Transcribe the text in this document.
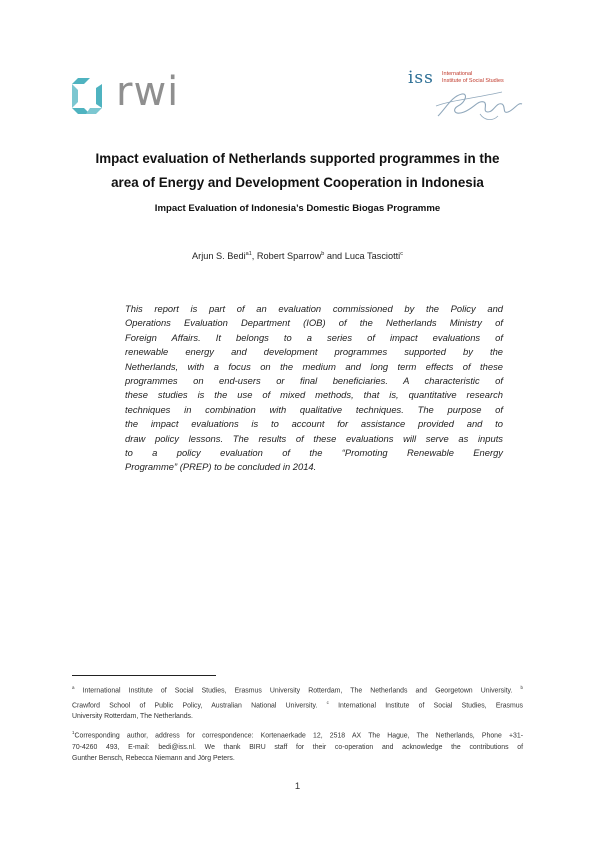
rwi	iss International
Institute of Social Studies
Impact evaluation of Netherlands supported programmes in the
area of Energy and Development Cooperation in Indonesia
Impact Evaluation of Indonesia’s Domestic Biogas Programme
Arjun S. Bedi$^{a1}$, Robert Sparrow$^b$ and Luca Tasciotti$^c$
This report is part of an evaluation commissioned by the Policy and
Operations Evaluation Department (IOB) of the Netherlands Ministry of
Foreign Affairs. It belongs to a series of impact evaluations of
renewable energy and development programmes supported by the
Netherlands, with a focus on the medium and long term effects of these
programmes on end-users or final beneficiaries. A characteristic of
these studies is the use of mixed methods, that is, quantitative research
techniques in combination with qualitative techniques. The purpose of
the impact evaluations is to account for assistance provided and to
draw policy lessons. The results of these evaluations will serve as inputs
to a policy evaluation of the “Promoting Renewable Energy
Programme” (PREP) to be concluded in 2014.
$^a$ International Institute of Social Studies, Erasmus University Rotterdam, The Netherlands and Georgetown University. $^b$
Crawford School of Public Policy, Australian National University. $^c$ International Institute of Social Studies, Erasmus
University Rotterdam, The Netherlands.
$^1$Corresponding author, address for correspondence: Kortenaerkade 12, 2518 AX The Hague, The Netherlands, Phone +31-
70-4260 493, E-mail: bedi@iss.nl. We thank BIRU staff for their co-operation and acknowledge the contributions of
Gunther Bensch, Rebecca Niemann and Jörg Peters.
1
